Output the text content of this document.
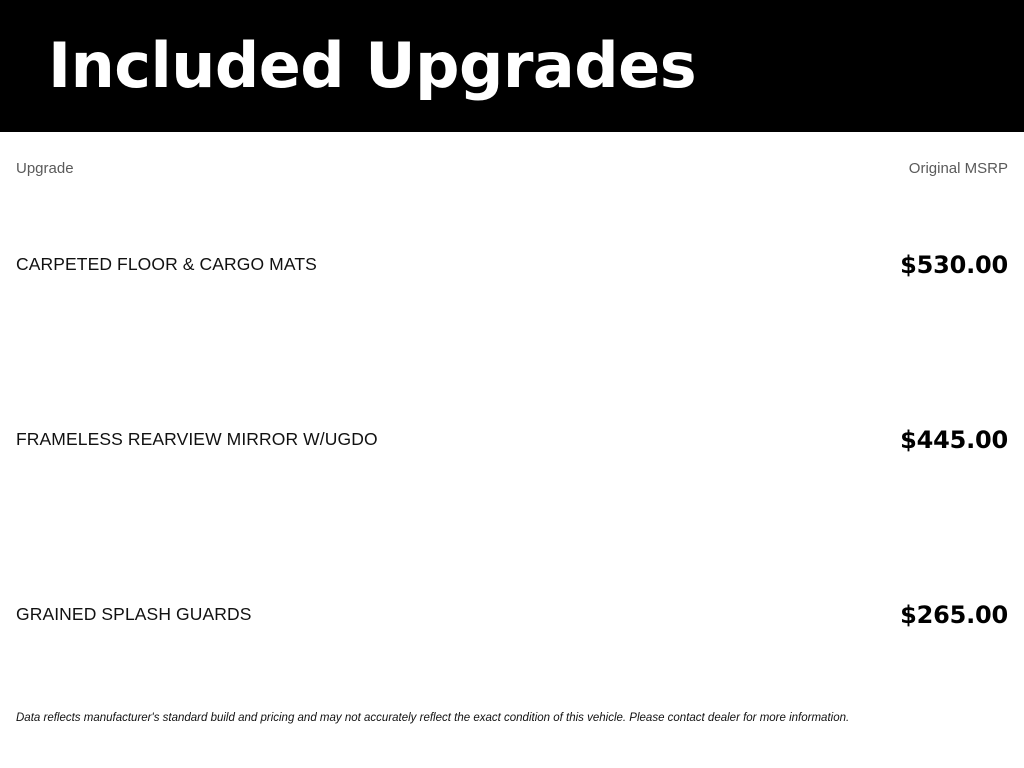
Included Upgrades
Upgrade	Original MSRP
CARPETED FLOOR & CARGO MATS	$530.00
FRAMELESS REARVIEW MIRROR W/UGDO	$445.00
GRAINED SPLASH GUARDS	$265.00
Data reflects manufacturer's standard build and pricing and may not accurately reflect the exact condition of this vehicle. Please contact dealer for more information.
